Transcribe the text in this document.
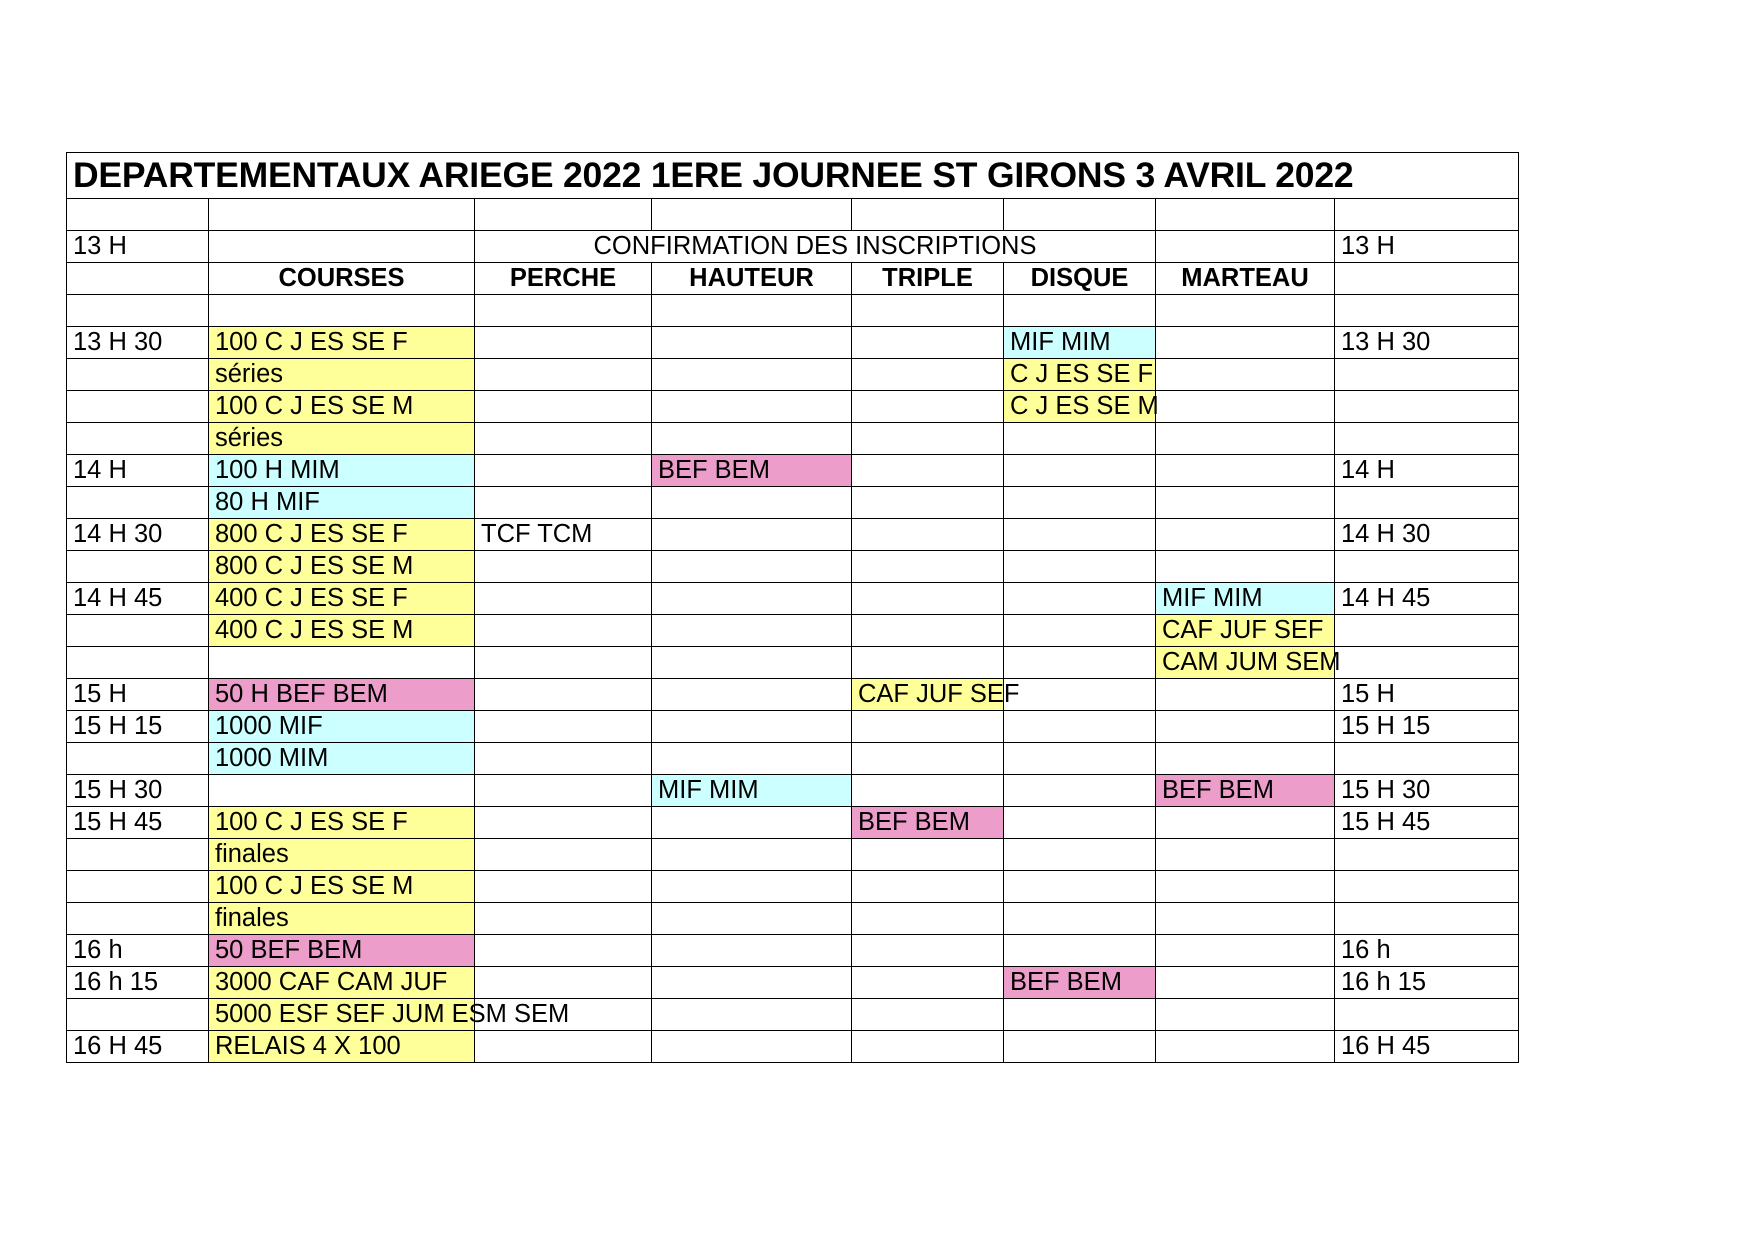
DEPARTEMENTAUX ARIEGE 2022 1ERE JOURNEE ST GIRONS 3 AVRIL 2022							

13 H		CONFIRMATION DES INSCRIPTIONS					13 H
	COURSES	PERCHE	HAUTEUR	TRIPLE	DISQUE	MARTEAU	

13 H 30	100 C J ES SE F				MIF MIM		13 H 30
	séries				C J ES SE F		
	100 C J ES SE M				C J ES SE M		
	séries						
14 H	100 H MIM		BEF BEM				14 H
	80 H MIF						
14 H 30	800 C J ES SE F	TCF TCM					14 H 30
	800 C J ES SE M						
14 H 45	400 C J ES SE F					MIF MIM	14 H 45
	400 C J ES SE M					CAF JUF SEF	
						CAM JUM SEM	
15 H	50 H BEF BEM			CAF JUF SEF			15 H
15 H 15	1000 MIF						15 H 15
	1000 MIM						
15 H 30			MIF MIM			BEF BEM	15 H 30
15 H 45	100 C J ES SE F			BEF BEM			15 H 45
	finales						
	100 C J ES SE M						
	finales						
16 h	50 BEF BEM						16 h
16 h 15	3000 CAF CAM JUF				BEF BEM		16 h 15
	5000 ESF SEF JUM ESM SEM						
16 H 45	RELAIS 4 X 100						16 H 45
